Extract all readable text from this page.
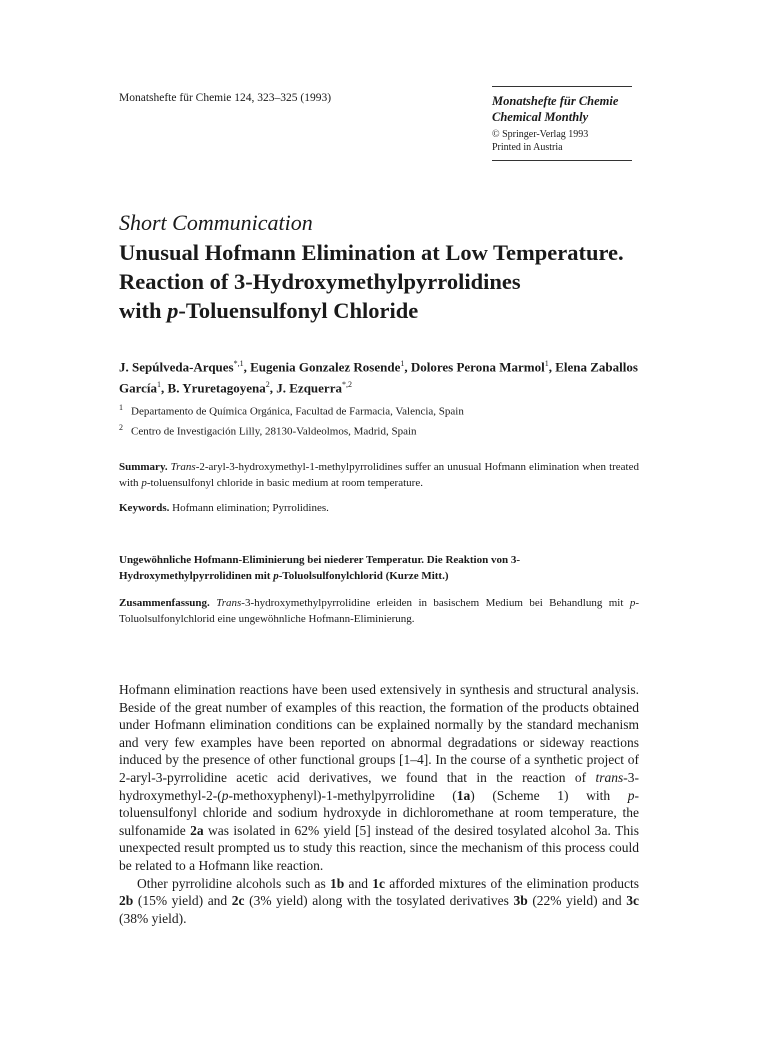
Monatshefte für Chemie 124, 323–325 (1993)	Monatshefte für Chemie
Chemical Monthly
© Springer-Verlag 1993
Printed in Austria
Short Communication
Unusual Hofmann Elimination at Low Temperature.
Reaction of 3-Hydroxymethylpyrrolidines
with p-Toluensulfonyl Chloride
J. Sepúlveda-Arques$^{*,1}$, Eugenia Gonzalez Rosende$^1$, Dolores Perona Marmol$^1$, Elena Zaballos García$^1$, B. Yruretagoyena$^2$, J. Ezquerra$^{*,2}$
$^1$ Departamento de Química Orgánica, Facultad de Farmacia, Valencia, Spain
$^2$ Centro de Investigación Lilly, 28130-Valdeolmos, Madrid, Spain
Summary. Trans-2-aryl-3-hydroxymethyl-1-methylpyrrolidines suffer an unusual Hofmann elimination when treated with p-toluensulfonyl chloride in basic medium at room temperature.
Keywords. Hofmann elimination; Pyrrolidines.
Ungewöhnliche Hofmann-Eliminierung bei niederer Temperatur. Die Reaktion von 3-Hydroxymethylpyrrolidinen mit p-Toluolsulfonylchlorid (Kurze Mitt.)
Zusammenfassung. Trans-3-hydroxymethylpyrrolidine erleiden in basischem Medium bei Behandlung mit p-Toluolsulfonylchlorid eine ungewöhnliche Hofmann-Eliminierung.

Hofmann elimination reactions have been used extensively in synthesis and structural analysis. Beside of the great number of examples of this reaction, the formation of the products obtained under Hofmann elimination conditions can be explained normally by the standard mechanism and very few examples have been reported on abnormal degradations or sideway reactions induced by the presence of other functional groups [1–4]. In the course of a synthetic project of 2-aryl-3-pyrrolidine acetic acid derivatives, we found that in the reaction of trans-3-hydroxymethyl-2-(p-methoxyphenyl)-1-methylpyrrolidine (1a) (Scheme 1) with p-toluensulfonyl chloride and sodium hydroxyde in dichloromethane at room temperature, the sulfonamide 2a was isolated in 62% yield [5] instead of the desired tosylated alcohol 3a. This unexpected result prompted us to study this reaction, since the mechanism of this process could be related to a Hofmann like reaction.

Other pyrrolidine alcohols such as 1b and 1c afforded mixtures of the elimination products 2b (15% yield) and 2c (3% yield) along with the tosylated derivatives 3b (22% yield) and 3c (38% yield).
